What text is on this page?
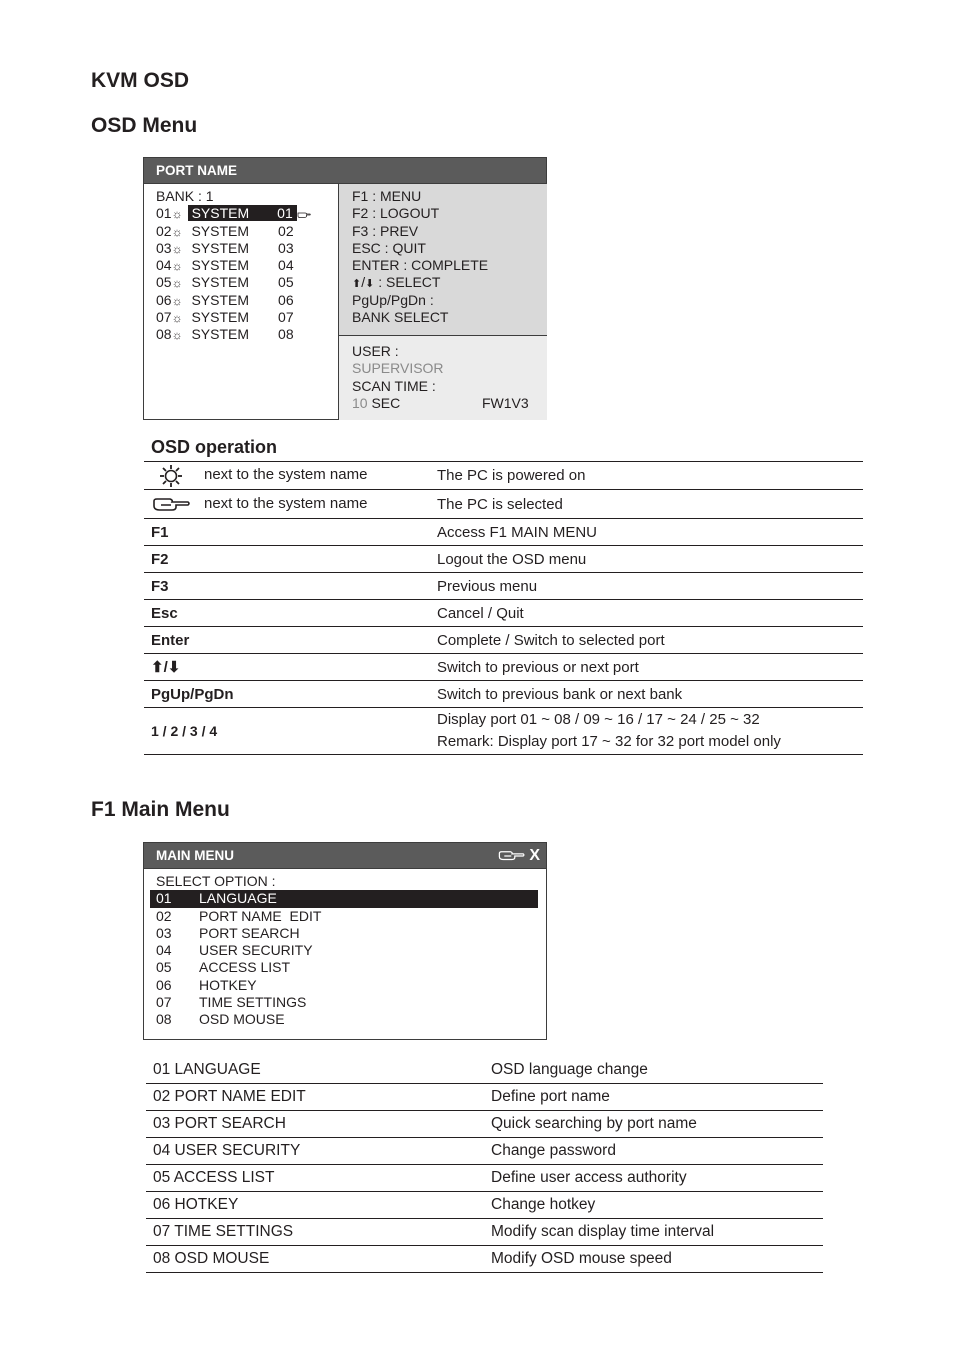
KVM OSD
OSD Menu
PORT NAME
BANK : 1
01☼ SYSTEM 01
02☼ SYSTEM 02
03☼ SYSTEM 03
04☼ SYSTEM 04
05☼ SYSTEM 05
06☼ SYSTEM 06
07☼ SYSTEM 07
08☼ SYSTEM 08
F1 : MENU
F2 : LOGOUT
F3 : PREV
ESC : QUIT
ENTER : COMPLETE
⬆/⬇ : SELECT
PgUp/PgDn :
BANK SELECT
USER :
SUPERVISOR
SCAN TIME :
10 SEC	FW1V3
OSD operation
next to the system name	The PC is powered on
next to the system name	The PC is selected
F1	Access F1 MAIN MENU
F2	Logout the OSD menu
F3	Previous menu
Esc	Cancel / Quit
Enter	Complete / Switch to selected port
⬆/⬇	Switch to previous or next port
PgUp/PgDn	Switch to previous bank or next bank
1 / 2 / 3 / 4	Display port 01 ~ 08 / 09 ~ 16 / 17 ~ 24 / 25 ~ 32
Remark: Display port 17 ~ 32 for 32 port model only
F1 Main Menu
MAIN MENU	X
SELECT OPTION :
01 LANGUAGE
02 PORT NAME  EDIT
03 PORT SEARCH
04 USER SECURITY
05 ACCESS LIST
06 HOTKEY
07 TIME SETTINGS
08 OSD MOUSE
01 LANGUAGE	OSD language change
02 PORT NAME EDIT	Define port name
03 PORT SEARCH	Quick searching by port name
04 USER SECURITY	Change password
05 ACCESS LIST	Define user access authority
06 HOTKEY	Change hotkey
07 TIME SETTINGS	Modify scan display time interval
08 OSD MOUSE	Modify OSD mouse speed
